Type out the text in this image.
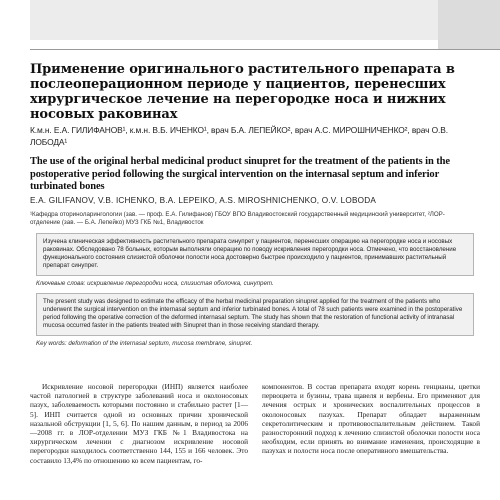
Применение оригинального растительного препарата в послеоперационном периоде у пациентов, перенесших хирургическое лечение на перегородке носа и нижних носовых раковинах

К.м.н. Е.А. ГИЛИФАНОВ¹, к.м.н. В.Б. ИЧЕНКО¹, врач Б.А. ЛЕПЕЙКО², врач А.С. МИРОШНИЧЕНКО², врач О.В. ЛОБОДА¹

The use of the original herbal medicinal product sinupret for the treatment of the patients in the postoperative period following the surgical intervention on the internasal septum and inferior turbinated bones

E.A. GILIFANOV, V.B. ICHENKO, B.A. LEPEIKO, A.S. MIROSHNICHENKO, O.V. LOBODA

¹Кафедра оториноларингологии (зав. — проф. Е.А. Гилифанов) ГБОУ ВПО Владивостокский государственный медицинский университет, ²ЛОР-отделение (зав. — Б.А. Лепейко) МУЗ ГКБ №1, Владивосток

Изучена клиническая эффективность растительного препарата синупрет у пациентов, перенесших операцию на перегородке носа и носовых раковинах. Обследовано 78 больных, которым выполняли операцию по поводу искривления перегородки носа. Отмечено, что восстановление функционального состояния слизистой оболочки полости носа достоверно быстрее происходило у пациентов, принимавших растительный препарат синупрет.

Ключевые слова: искривление перегородки носа, слизистая оболочка, синупрет.

The present study was designed to estimate the efficacy of the herbal medicinal preparation sinupret applied for the treatment of the patients who underwent the surgical intervention on the internasal septum and inferior turbinated bones. A total of 78 such patients were examined in the postoperative period following the operative correction of the deformed internasal septum. The study has shown that the restoration of functional activity of intranasal mucosa occurred faster in the patients treated with Sinupret than in those receiving standard therapy.

Key words: deformation of the internasal septum, mucosa membrane, sinupret.

Искривление носовой перегородки (ИНП) является наиболее частой патологией в структуре заболеваний носа и околоносовых пазух, заболеваемость которыми постоянно и стабильно растет [1—5]. ИНП считается одной из основных причин хронической назальной обструкции [1, 5, 6]. По нашим данным, в период за 2006—2008 гг. в ЛОР-отделении МУЗ ГКБ №1 Владивостока на хирургическом лечении с диагнозом искривление носовой перегородки находилось соответственно 144, 155 и 166 человек. Это составило 13,4% по отношению ко всем пациентам, го-

компонентов. В состав препарата входят корень генцианы, цветки первоцвета и бузины, трава щавеля и вербены. Его применяют для лечения острых и хронических воспалительных процессов в околоносовых пазухах. Препарат обладает выраженным секретолитическим и противовоспалительным действием. Такой разносторонний подход к лечению слизистой оболочки полости носа необходим, если принять во внимание изменения, происходящие в пазухах и полости носа после оперативного вмешательства.
